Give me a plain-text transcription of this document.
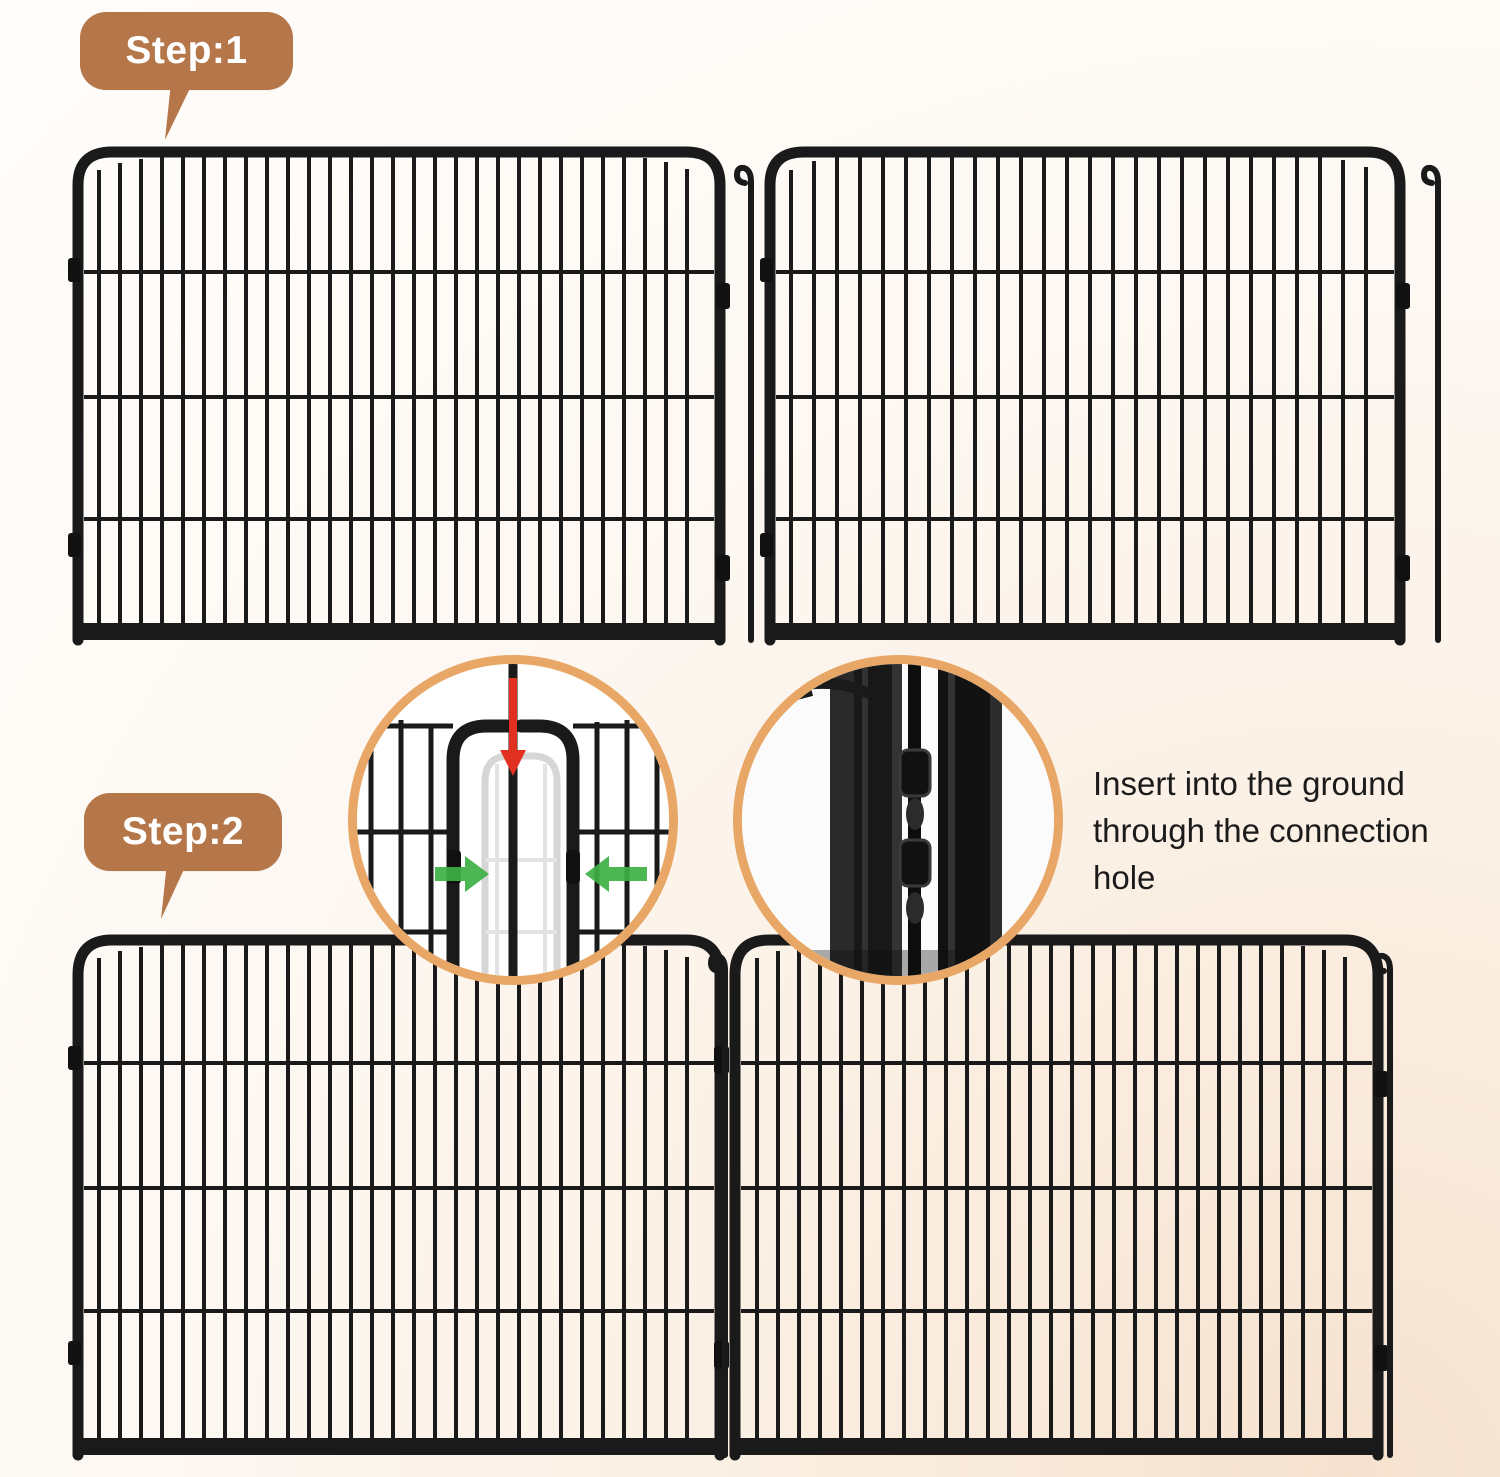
Step:1
Step:2
Insert into the ground through the connection hole
